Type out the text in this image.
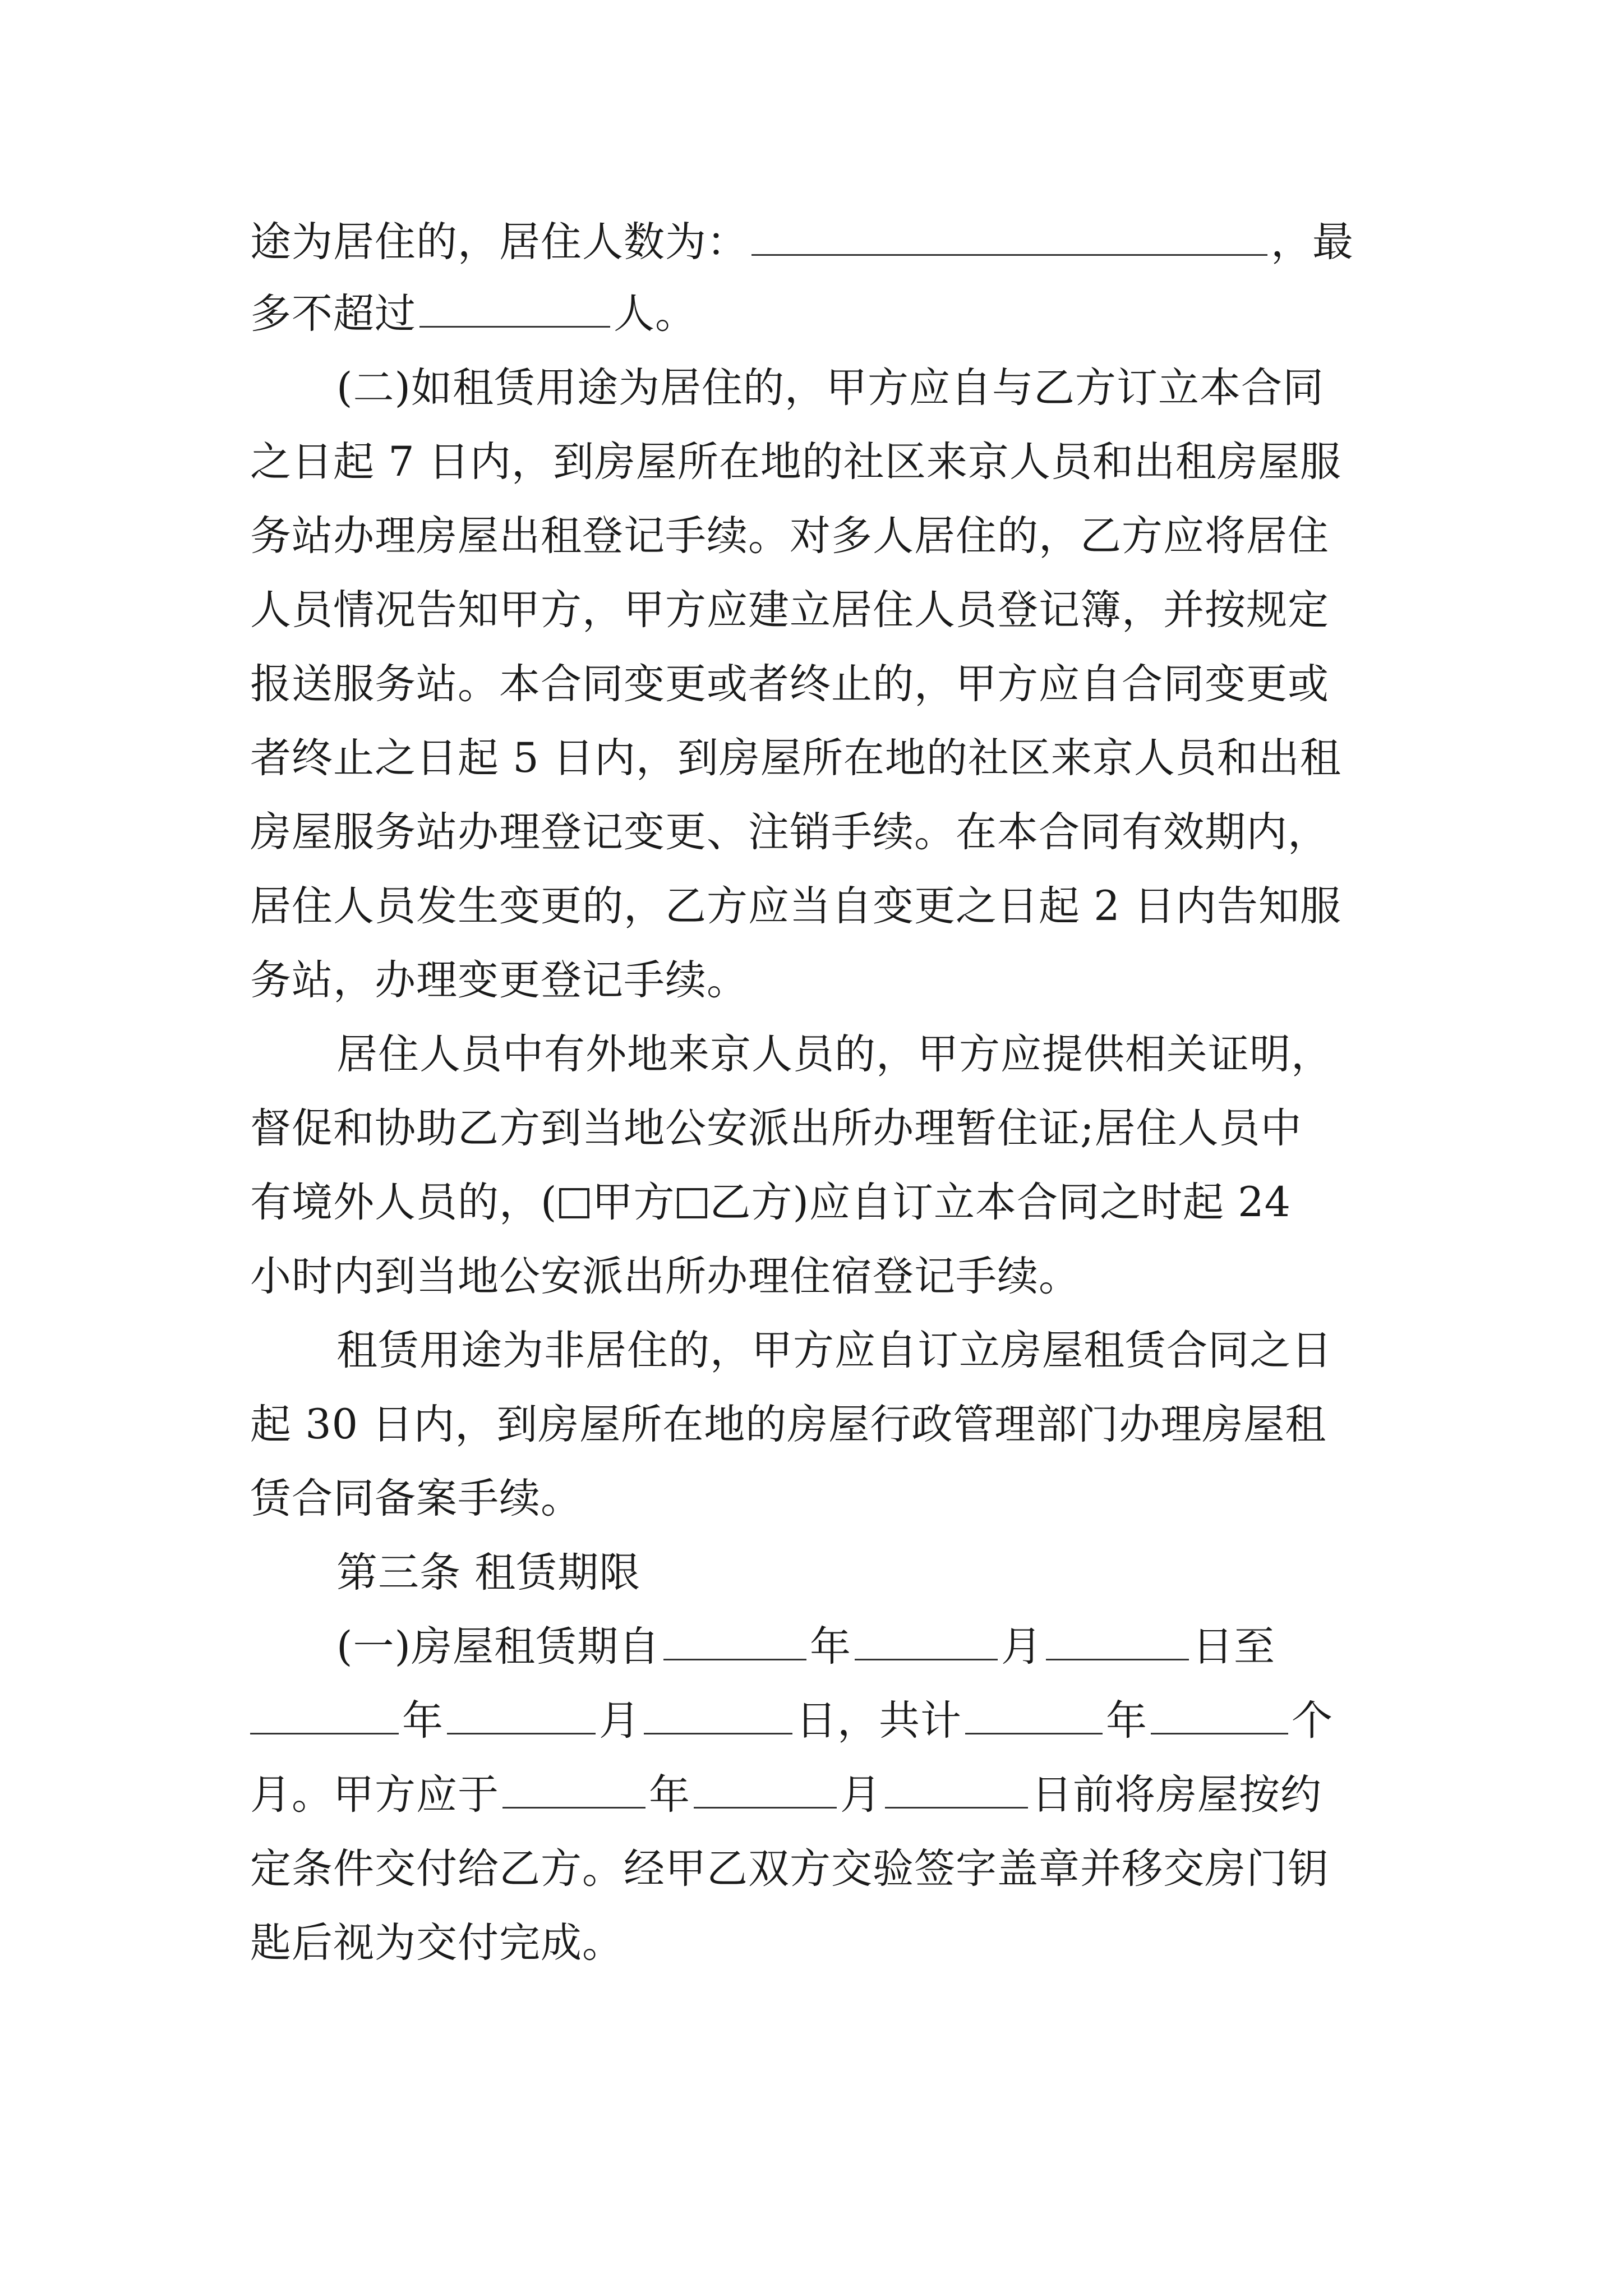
途为居住的，居住人数为：	，最
多不超过	人。
(二)如租赁用途为居住的，甲方应自与乙方订立本合同
之日起 7 日内，到房屋所在地的社区来京人员和出租房屋服
务站办理房屋出租登记手续。对多人居住的，乙方应将居住
人员情况告知甲方，甲方应建立居住人员登记簿，并按规定
报送服务站。本合同变更或者终止的，甲方应自合同变更或
者终止之日起 5 日内，到房屋所在地的社区来京人员和出租
房屋服务站办理登记变更、注销手续。在本合同有效期内，
居住人员发生变更的，乙方应当自变更之日起 2 日内告知服
务站，办理变更登记手续。
居住人员中有外地来京人员的，甲方应提供相关证明，
督促和协助乙方到当地公安派出所办理暂住证;居住人员中
有境外人员的，( 甲方 乙方)应自订立本合同之时起 24
小时内到当地公安派出所办理住宿登记手续。
租赁用途为非居住的，甲方应自订立房屋租赁合同之日
起 30 日内，到房屋所在地的房屋行政管理部门办理房屋租
赁合同备案手续。
第三条 租赁期限
(一)房屋租赁期自	年	月	日至
年	月	日，共计	年	个
月。甲方应于	年	月	日前将房屋按约
定条件交付给乙方。经甲乙双方交验签字盖章并移交房门钥
匙后视为交付完成。
